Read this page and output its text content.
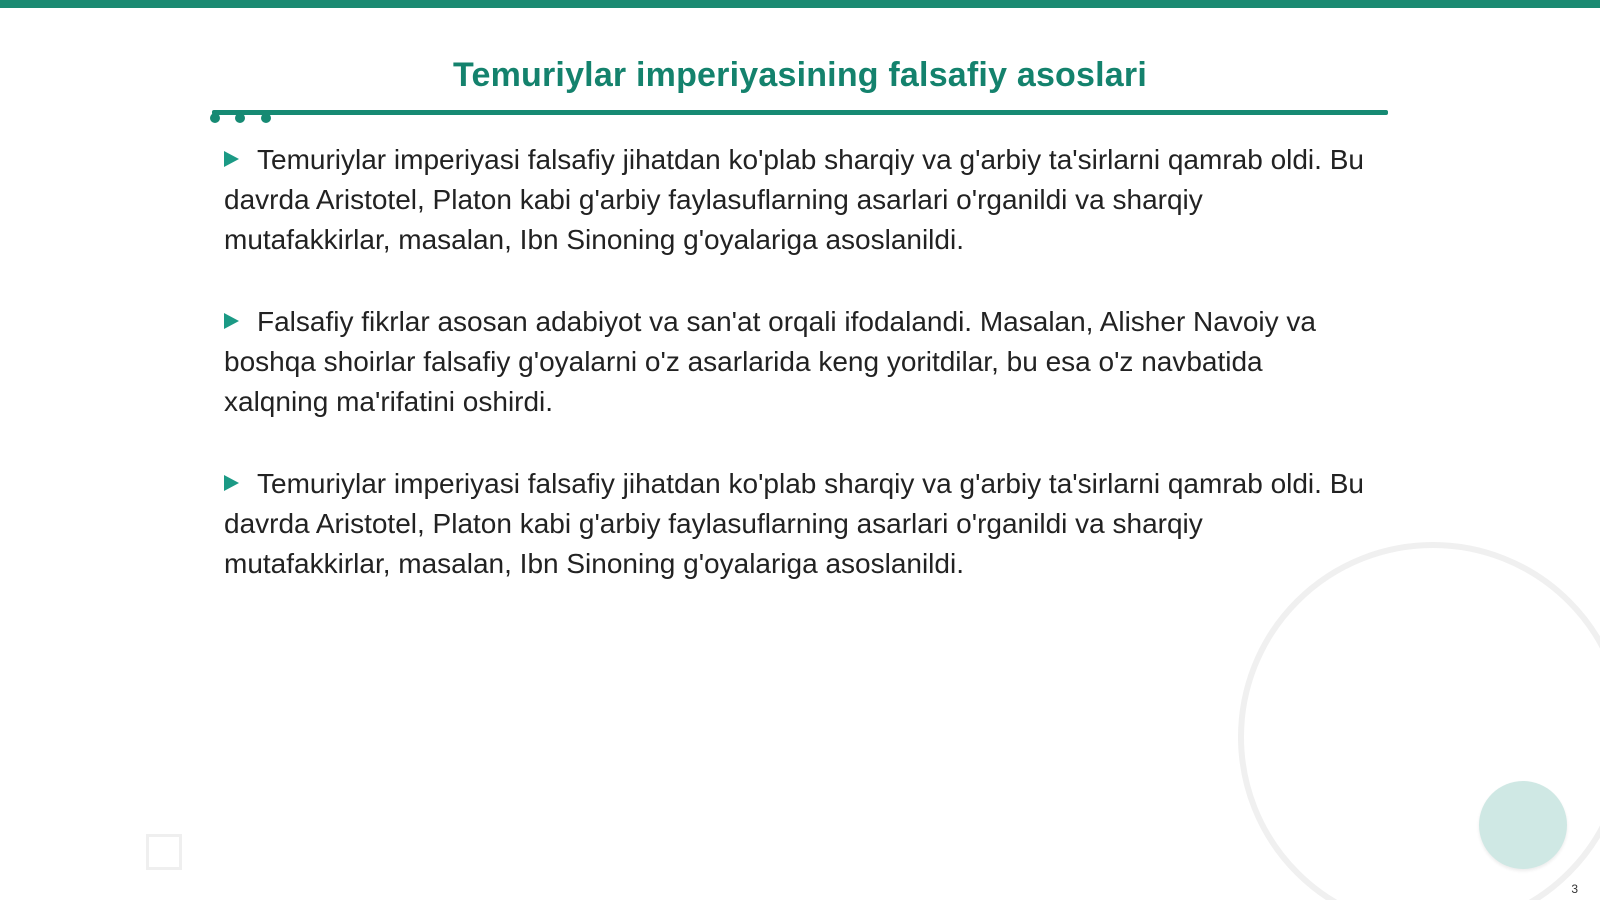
Temuriylar imperiyasining falsafiy asoslari

Temuriylar imperiyasi falsafiy jihatdan ko'plab sharqiy va g'arbiy ta'sirlarni qamrab oldi. Bu davrda Aristotel, Platon kabi g'arbiy faylasuflarning asarlari o'rganildi va sharqiy mutafakkirlar, masalan, Ibn Sinoning g'oyalariga asoslanildi.

Falsafiy fikrlar asosan adabiyot va san'at orqali ifodalandi. Masalan, Alisher Navoiy va boshqa shoirlar falsafiy g'oyalarni o'z asarlarida keng yoritdilar, bu esa o'z navbatida xalqning ma'rifatini oshirdi.

Temuriylar imperiyasi falsafiy jihatdan ko'plab sharqiy va g'arbiy ta'sirlarni qamrab oldi. Bu davrda Aristotel, Platon kabi g'arbiy faylasuflarning asarlari o'rganildi va sharqiy mutafakkirlar, masalan, Ibn Sinoning g'oyalariga asoslanildi.

3
